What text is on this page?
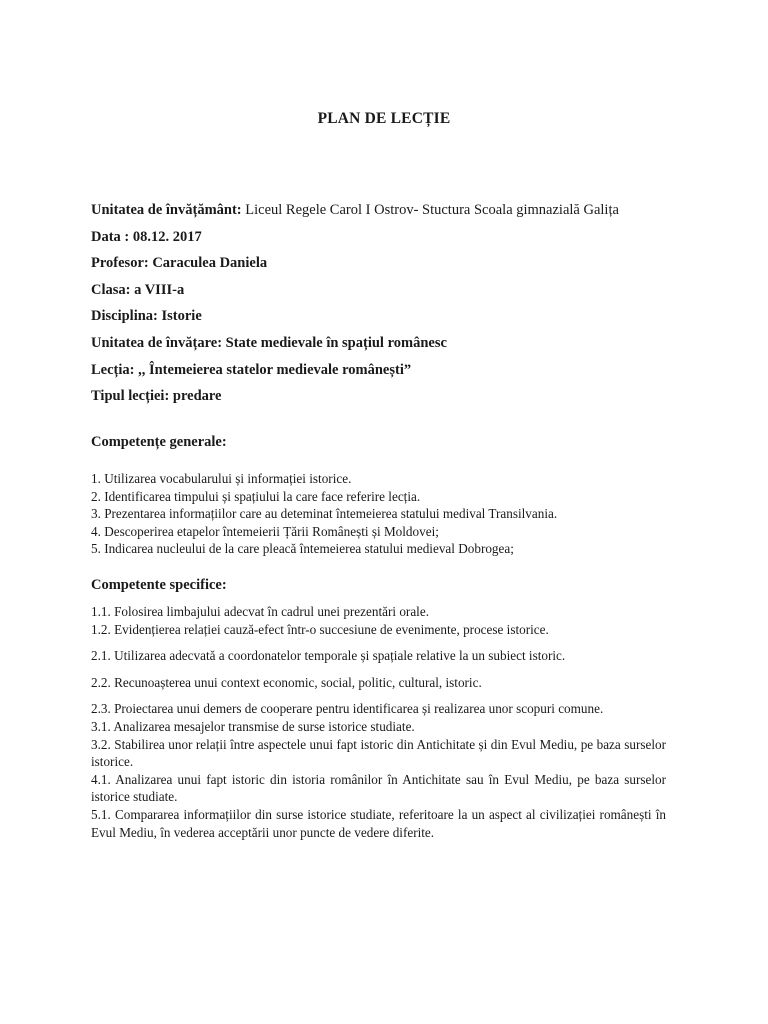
PLAN DE LECȚIE
Unitatea de învățământ: Liceul Regele Carol I Ostrov- Stuctura Scoala gimnazială Galița
Data : 08.12. 2017
Profesor: Caraculea Daniela
Clasa: a VIII-a
Disciplina: Istorie
Unitatea de învățare: State medievale în spațiul românesc
Lecția: ,, Întemeierea statelor medievale românești”
Tipul lecției: predare
Competențe generale:
1. Utilizarea vocabularului și informației istorice.
2. Identificarea timpului și spațiului la care face referire lecția.
3. Prezentarea informațiilor care au deteminat întemeierea statului medival Transilvania.
4. Descoperirea etapelor întemeierii Țării Românești și Moldovei;
5. Indicarea nucleului de la care pleacă întemeierea statului medieval Dobrogea;
Competente specifice:
1.1. Folosirea limbajului adecvat în cadrul unei prezentări orale.
1.2. Evidențierea relației cauză-efect într-o succesiune de evenimente, procese istorice.
2.1. Utilizarea adecvată a coordonatelor temporale și spațiale relative la un subiect istoric.
2.2. Recunoașterea unui context economic, social, politic, cultural, istoric.
2.3. Proiectarea unui demers de cooperare pentru identificarea și realizarea unor scopuri comune.
3.1. Analizarea mesajelor transmise de surse istorice studiate.
3.2. Stabilirea unor relații între aspectele unui fapt istoric din Antichitate și din Evul Mediu, pe baza surselor istorice.
4.1. Analizarea unui fapt istoric din istoria românilor în Antichitate sau în Evul Mediu, pe baza surselor istorice studiate.
5.1. Compararea informațiilor din surse istorice studiate, referitoare la un aspect al civilizației românești în Evul Mediu, în vederea acceptării unor puncte de vedere diferite.
